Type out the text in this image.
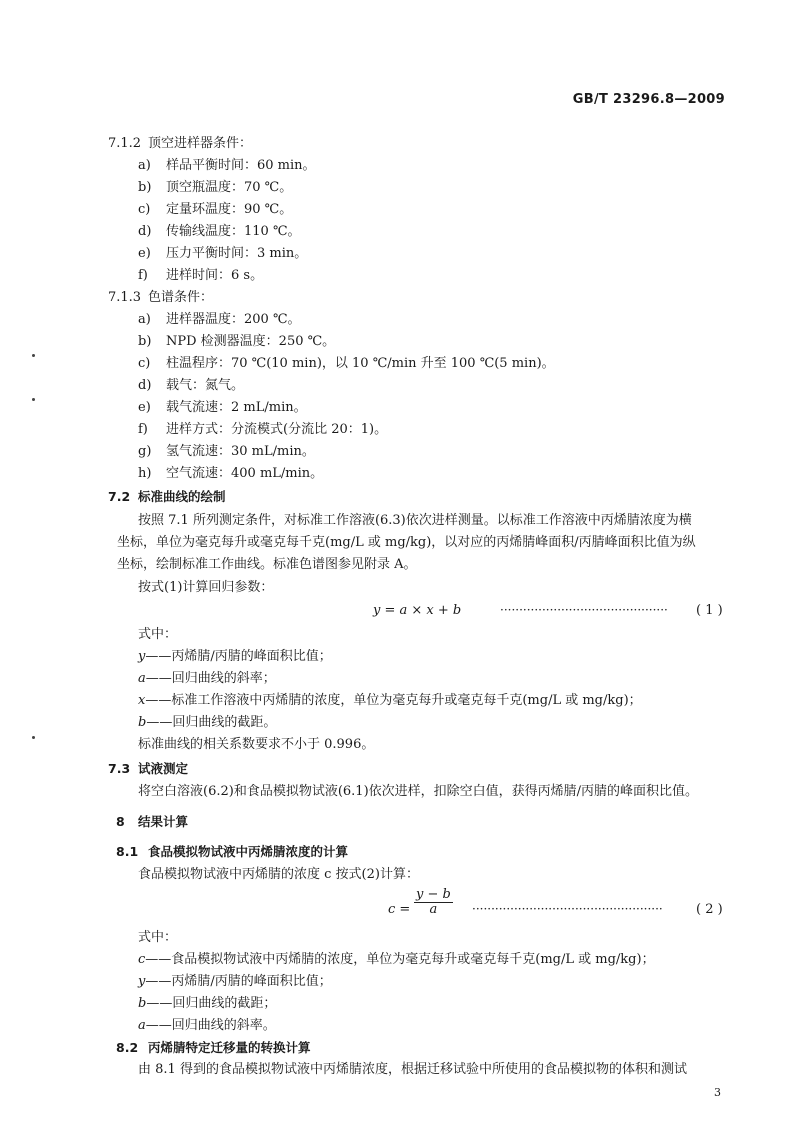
GB/T 23296.8—2009
7.1.2 顶空进样器条件：
a) 样品平衡时间：60 min。
b) 顶空瓶温度：70 ℃。
c) 定量环温度：90 ℃。
d) 传输线温度：110 ℃。
e) 压力平衡时间：3 min。
f) 进样时间：6 s。
7.1.3 色谱条件：
a) 进样器温度：200 ℃。
b) NPD 检测器温度：250 ℃。
c) 柱温程序：70 ℃(10 min)，以 10 ℃/min 升至 100 ℃(5 min)。
d) 载气：氮气。
e) 载气流速：2 mL/min。
f) 进样方式：分流模式(分流比 20：1)。
g) 氢气流速：30 mL/min。
h) 空气流速：400 mL/min。
7.2 标准曲线的绘制
按照 7.1 所列测定条件，对标准工作溶液(6.3)依次进样测量。以标准工作溶液中丙烯腈浓度为横
坐标，单位为毫克每升或毫克每千克(mg/L 或 mg/kg)，以对应的丙烯腈峰面积/丙腈峰面积比值为纵
坐标，绘制标准工作曲线。标准色谱图参见附录 A。
按式(1)计算回归参数：
y = a × x + b	············································ ( 1 )
式中：
y——丙烯腈/丙腈的峰面积比值；
a——回归曲线的斜率；
x——标准工作溶液中丙烯腈的浓度，单位为毫克每升或毫克每千克(mg/L 或 mg/kg)；
b——回归曲线的截距。
标准曲线的相关系数要求不小于 0.996。
7.3 试液测定
将空白溶液(6.2)和食品模拟物试液(6.1)依次进样，扣除空白值，获得丙烯腈/丙腈的峰面积比值。
8 结果计算
8.1 食品模拟物试液中丙烯腈浓度的计算
食品模拟物试液中丙烯腈的浓度 c 按式(2)计算：
$c = \frac{y - b}{a}$ ··················································	( 2 )
式中：
c——食品模拟物试液中丙烯腈的浓度，单位为毫克每升或毫克每千克(mg/L 或 mg/kg)；
y——丙烯腈/丙腈的峰面积比值；
b——回归曲线的截距；
a——回归曲线的斜率。
8.2 丙烯腈特定迁移量的转换计算
由 8.1 得到的食品模拟物试液中丙烯腈浓度，根据迁移试验中所使用的食品模拟物的体积和测试
3
